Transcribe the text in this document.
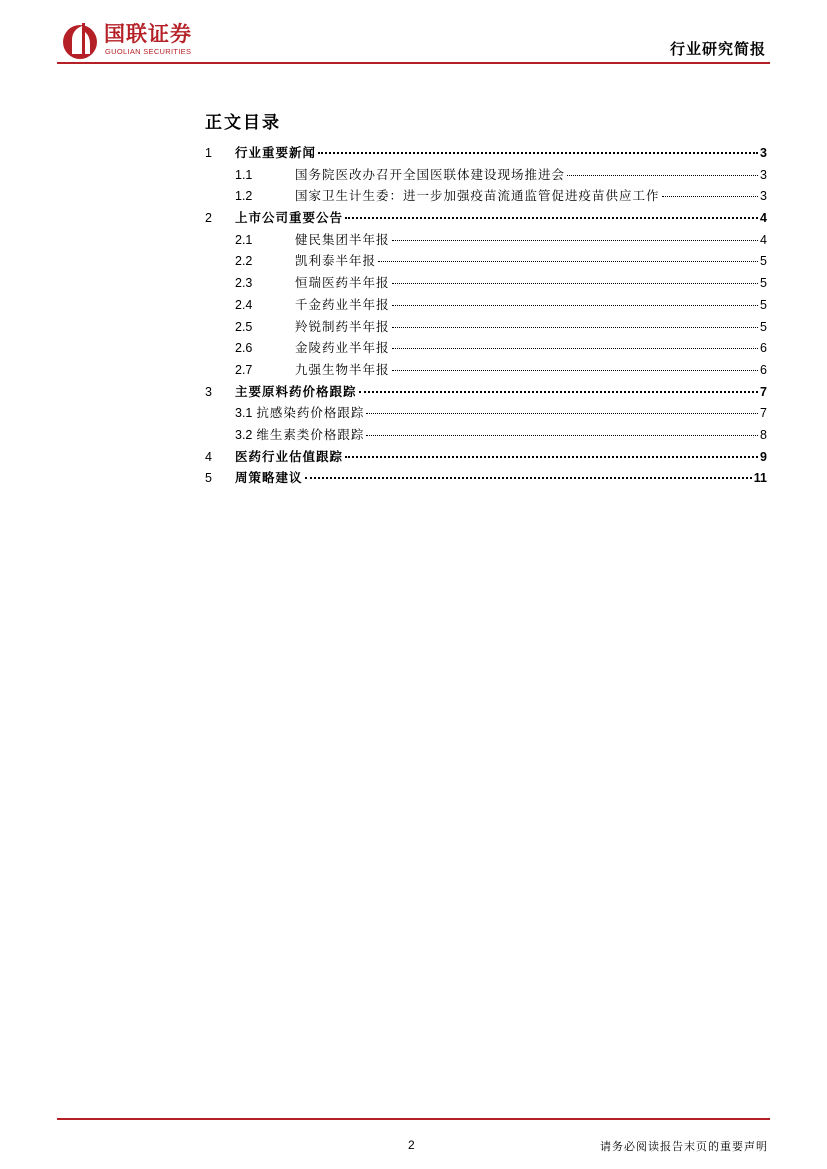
国联证券
GUOLIAN SECURITIES	行业研究简报
正文目录
1	行业重要新闻	3
1.1	国务院医改办召开全国医联体建设现场推进会	3
1.2	国家卫生计生委：进一步加强疫苗流通监管促进疫苗供应工作	3
2	上市公司重要公告	4
2.1	健民集团半年报	4
2.2	凯利泰半年报	5
2.3	恒瑞医药半年报	5
2.4	千金药业半年报	5
2.5	羚锐制药半年报	5
2.6	金陵药业半年报	6
2.7	九强生物半年报	6
3	主要原料药价格跟踪	7
3.1 抗感染药价格跟踪	7
3.2 维生素类价格跟踪	8
4	医药行业估值跟踪	9
5	周策略建议	11
2	请务必阅读报告末页的重要声明
